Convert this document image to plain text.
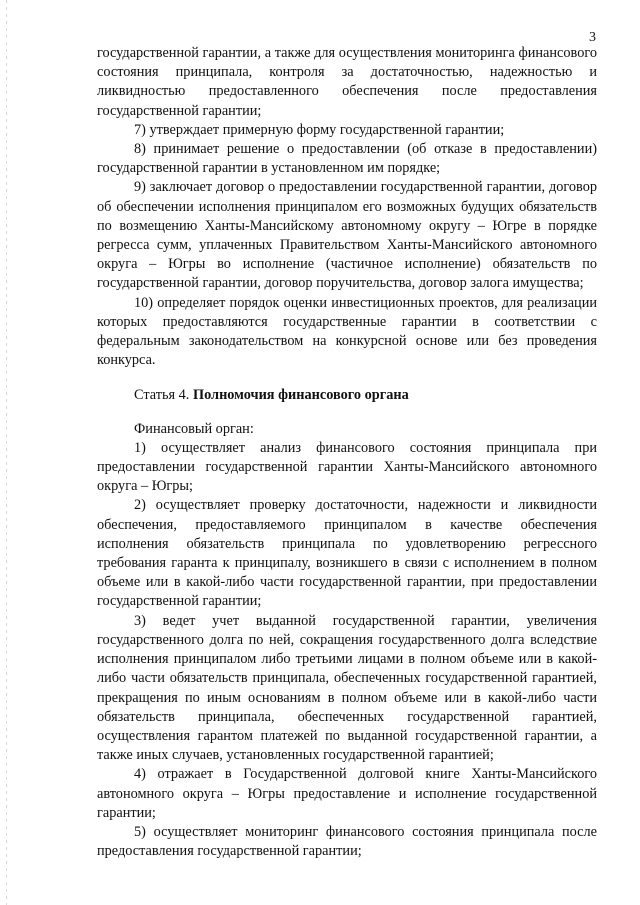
3

государственной гарантии, а также для осуществления мониторинга финансового состояния принципала, контроля за достаточностью, надежностью и ликвидностью предоставленного обеспечения после предоставления государственной гарантии;

7) утверждает примерную форму государственной гарантии;

8) принимает решение о предоставлении (об отказе в предоставлении) государственной гарантии в установленном им порядке;

9) заключает договор о предоставлении государственной гарантии, договор об обеспечении исполнения принципалом его возможных будущих обязательств по возмещению Ханты-Мансийскому автономному округу – Югре в порядке регресса сумм, уплаченных Правительством Ханты-Мансийского автономного округа – Югры во исполнение (частичное исполнение) обязательств по государственной гарантии, договор поручительства, договор залога имущества;

10) определяет порядок оценки инвестиционных проектов, для реализации которых предоставляются государственные гарантии в соответствии с федеральным законодательством на конкурсной основе или без проведения конкурса.

Статья 4. Полномочия финансового органа

Финансовый орган:

1) осуществляет анализ финансового состояния принципала при предоставлении государственной гарантии Ханты-Мансийского автономного округа – Югры;

2) осуществляет проверку достаточности, надежности и ликвидности обеспечения, предоставляемого принципалом в качестве обеспечения исполнения обязательств принципала по удовлетворению регрессного требования гаранта к принципалу, возникшего в связи с исполнением в полном объеме или в какой-либо части государственной гарантии, при предоставлении государственной гарантии;

3) ведет учет выданной государственной гарантии, увеличения государственного долга по ней, сокращения государственного долга вследствие исполнения принципалом либо третьими лицами в полном объеме или в какой-либо части обязательств принципала, обеспеченных государственной гарантией, прекращения по иным основаниям в полном объеме или в какой-либо части обязательств принципала, обеспеченных государственной гарантией, осуществления гарантом платежей по выданной государственной гарантии, а также иных случаев, установленных государственной гарантией;

4) отражает в Государственной долговой книге Ханты-Мансийского автономного округа – Югры предоставление и исполнение государственной гарантии;

5) осуществляет мониторинг финансового состояния принципала после предоставления государственной гарантии;
